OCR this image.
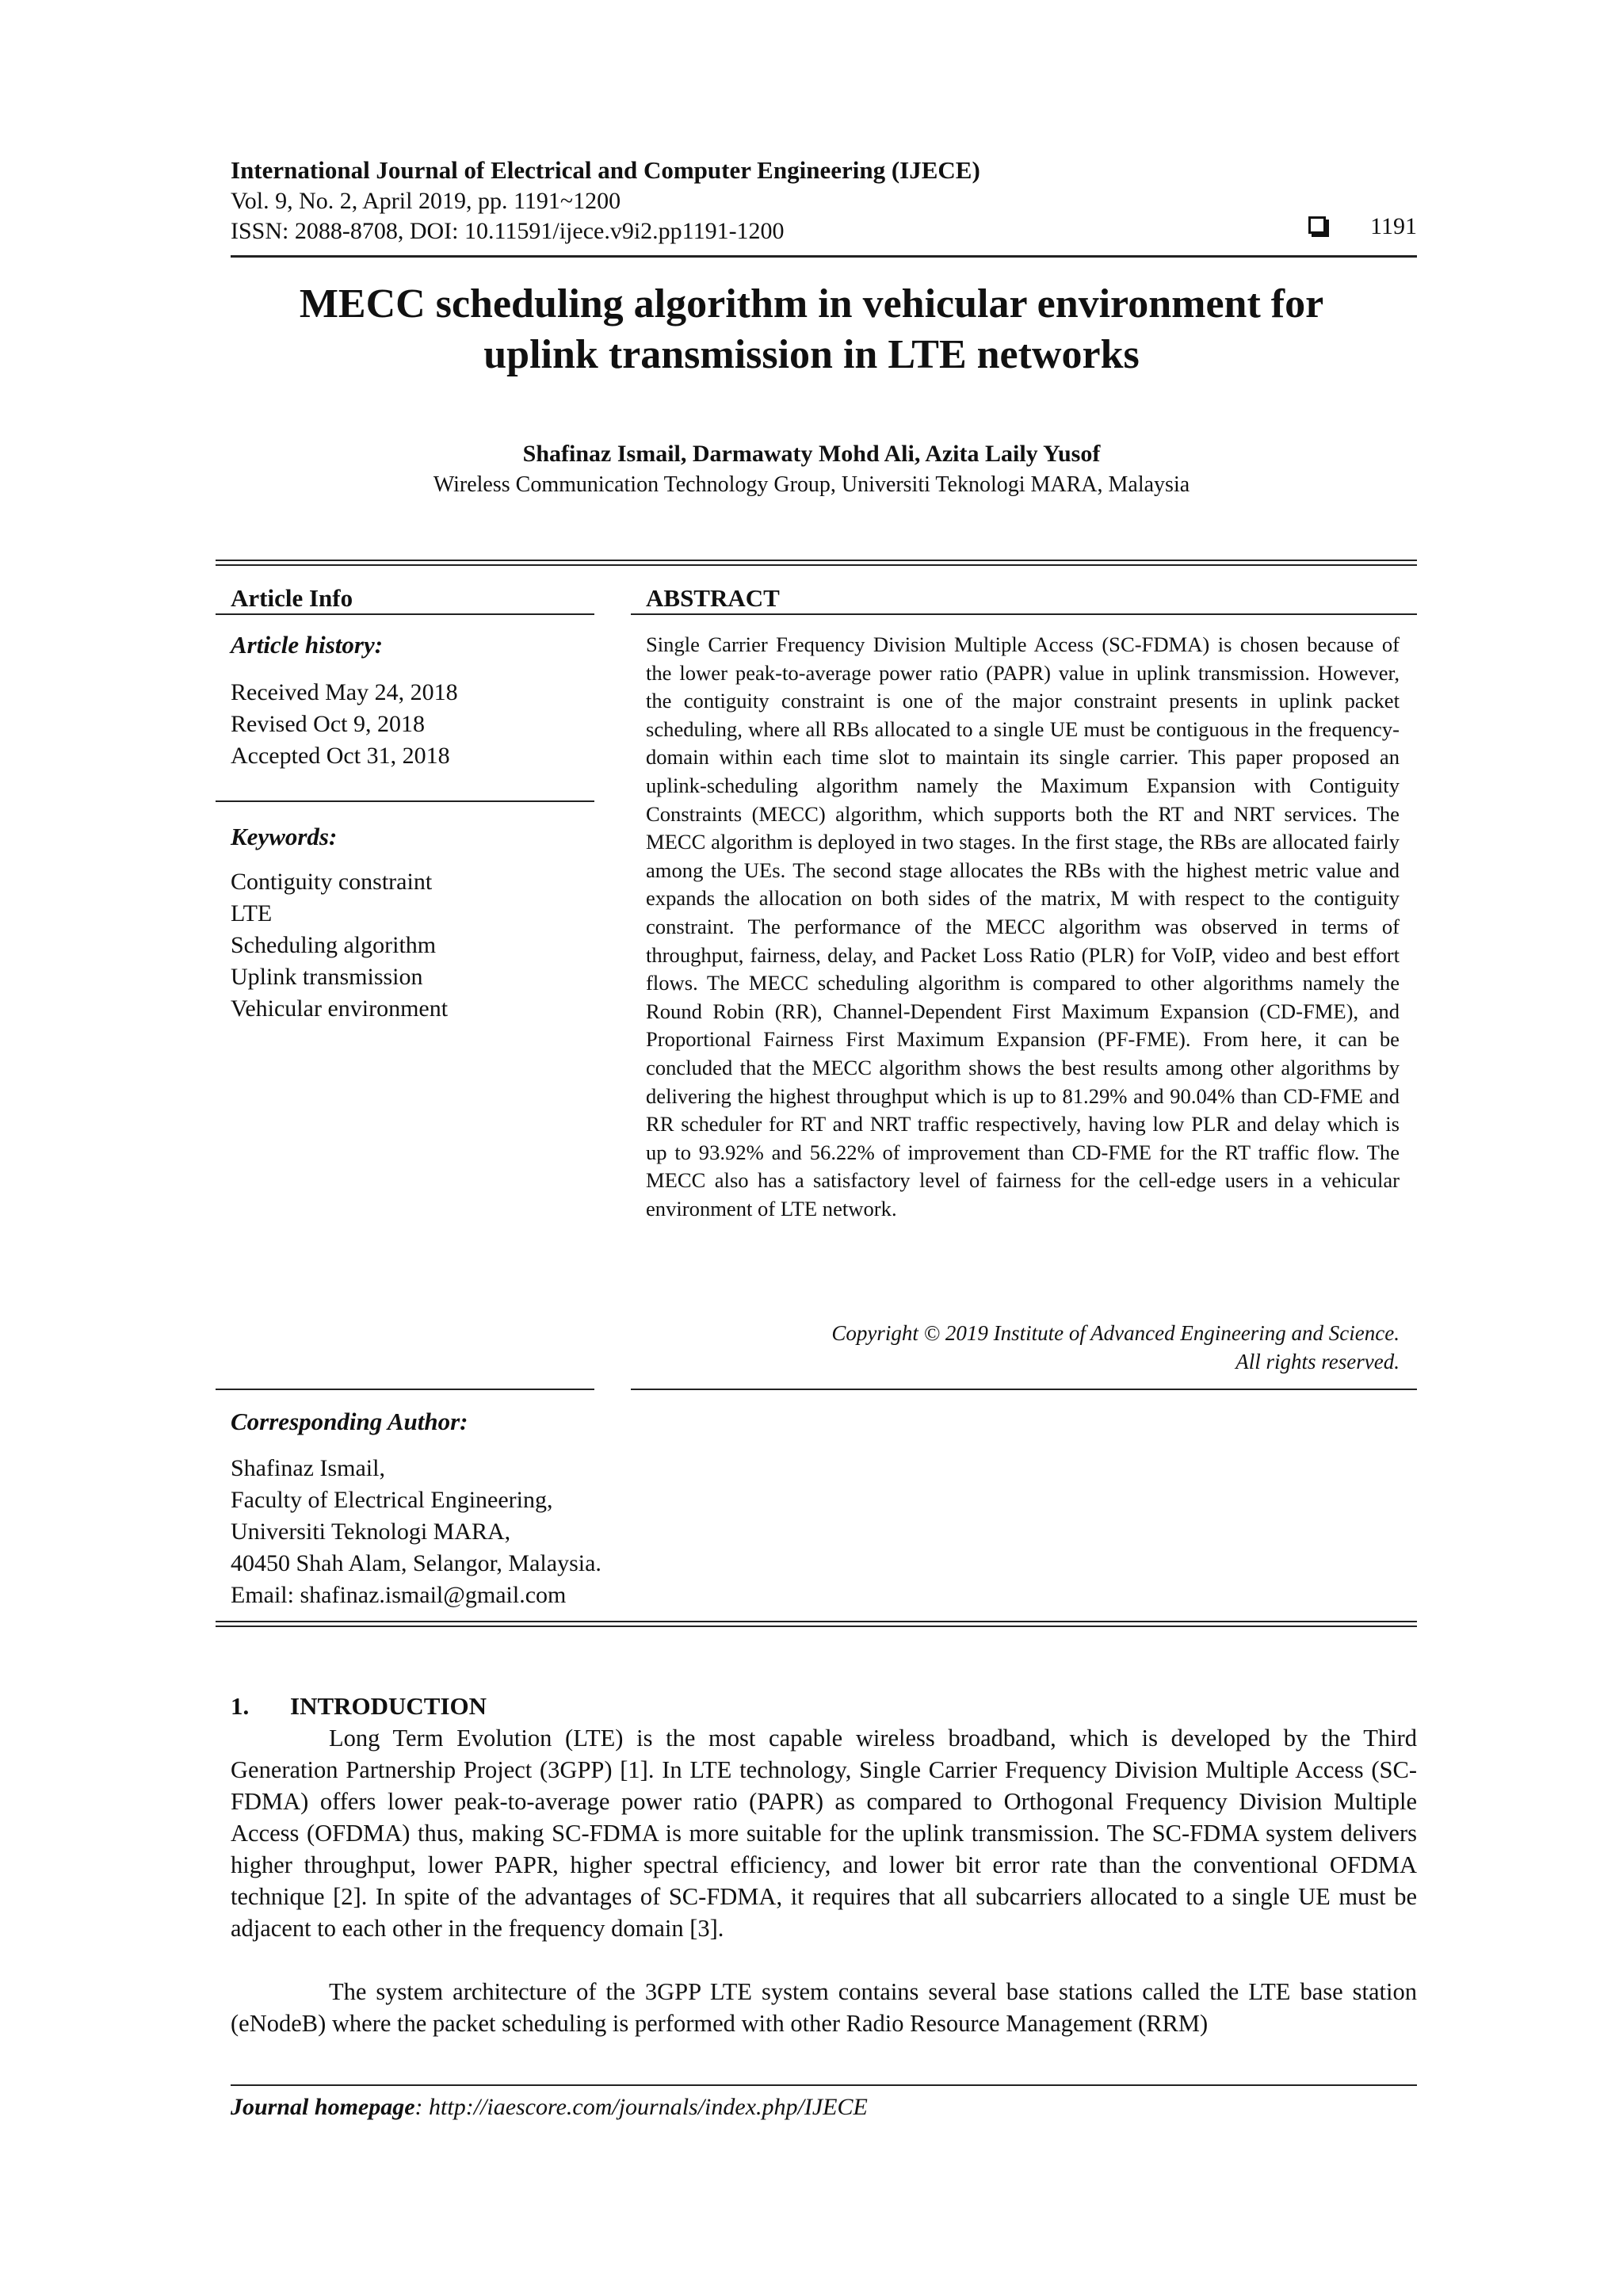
International Journal of Electrical and Computer Engineering (IJECE)
Vol. 9, No. 2, April 2019, pp. 1191~1200
ISSN: 2088-8708, DOI: 10.11591/ijece.v9i2.pp1191-1200	1191
MECC scheduling algorithm in vehicular environment for
uplink transmission in LTE networks
Shafinaz Ismail, Darmawaty Mohd Ali, Azita Laily Yusof
Wireless Communication Technology Group, Universiti Teknologi MARA, Malaysia
Article Info
Article history:
Received May 24, 2018
Revised Oct 9, 2018
Accepted Oct 31, 2018
Keywords:
Contiguity constraint
LTE
Scheduling algorithm
Uplink transmission
Vehicular environment
ABSTRACT
Single Carrier Frequency Division Multiple Access (SC-FDMA) is chosen because of the lower peak-to-average power ratio (PAPR) value in uplink transmission. However, the contiguity constraint is one of the major constraint presents in uplink packet scheduling, where all RBs allocated to a single UE must be contiguous in the frequency-domain within each time slot to maintain its single carrier. This paper proposed an uplink-scheduling algorithm namely the Maximum Expansion with Contiguity Constraints (MECC) algorithm, which supports both the RT and NRT services. The MECC algorithm is deployed in two stages. In the first stage, the RBs are allocated fairly among the UEs. The second stage allocates the RBs with the highest metric value and expands the allocation on both sides of the matrix, M with respect to the contiguity constraint. The performance of the MECC algorithm was observed in terms of throughput, fairness, delay, and Packet Loss Ratio (PLR) for VoIP, video and best effort flows. The MECC scheduling algorithm is compared to other algorithms namely the Round Robin (RR), Channel-Dependent First Maximum Expansion (CD-FME), and Proportional Fairness First Maximum Expansion (PF-FME). From here, it can be concluded that the MECC algorithm shows the best results among other algorithms by delivering the highest throughput which is up to 81.29% and 90.04% than CD-FME and RR scheduler for RT and NRT traffic respectively, having low PLR and delay which is up to 93.92% and 56.22% of improvement than CD-FME for the RT traffic flow. The MECC also has a satisfactory level of fairness for the cell-edge users in a vehicular environment of LTE network.
Copyright © 2019 Institute of Advanced Engineering and Science.
All rights reserved.
Corresponding Author:
Shafinaz Ismail,
Faculty of Electrical Engineering,
Universiti Teknologi MARA,
40450 Shah Alam, Selangor, Malaysia.
Email: shafinaz.ismail@gmail.com
1. INTRODUCTION
Long Term Evolution (LTE) is the most capable wireless broadband, which is developed by the Third Generation Partnership Project (3GPP) [1]. In LTE technology, Single Carrier Frequency Division Multiple Access (SC-FDMA) offers lower peak-to-average power ratio (PAPR) as compared to Orthogonal Frequency Division Multiple Access (OFDMA) thus, making SC-FDMA is more suitable for the uplink transmission. The SC-FDMA system delivers higher throughput, lower PAPR, higher spectral efficiency, and lower bit error rate than the conventional OFDMA technique [2]. In spite of the advantages of SC-FDMA, it requires that all subcarriers allocated to a single UE must be adjacent to each other in the frequency domain [3].
The system architecture of the 3GPP LTE system contains several base stations called the LTE base station (eNodeB) where the packet scheduling is performed with other Radio Resource Management (RRM)
Journal homepage: http://iaescore.com/journals/index.php/IJECE
